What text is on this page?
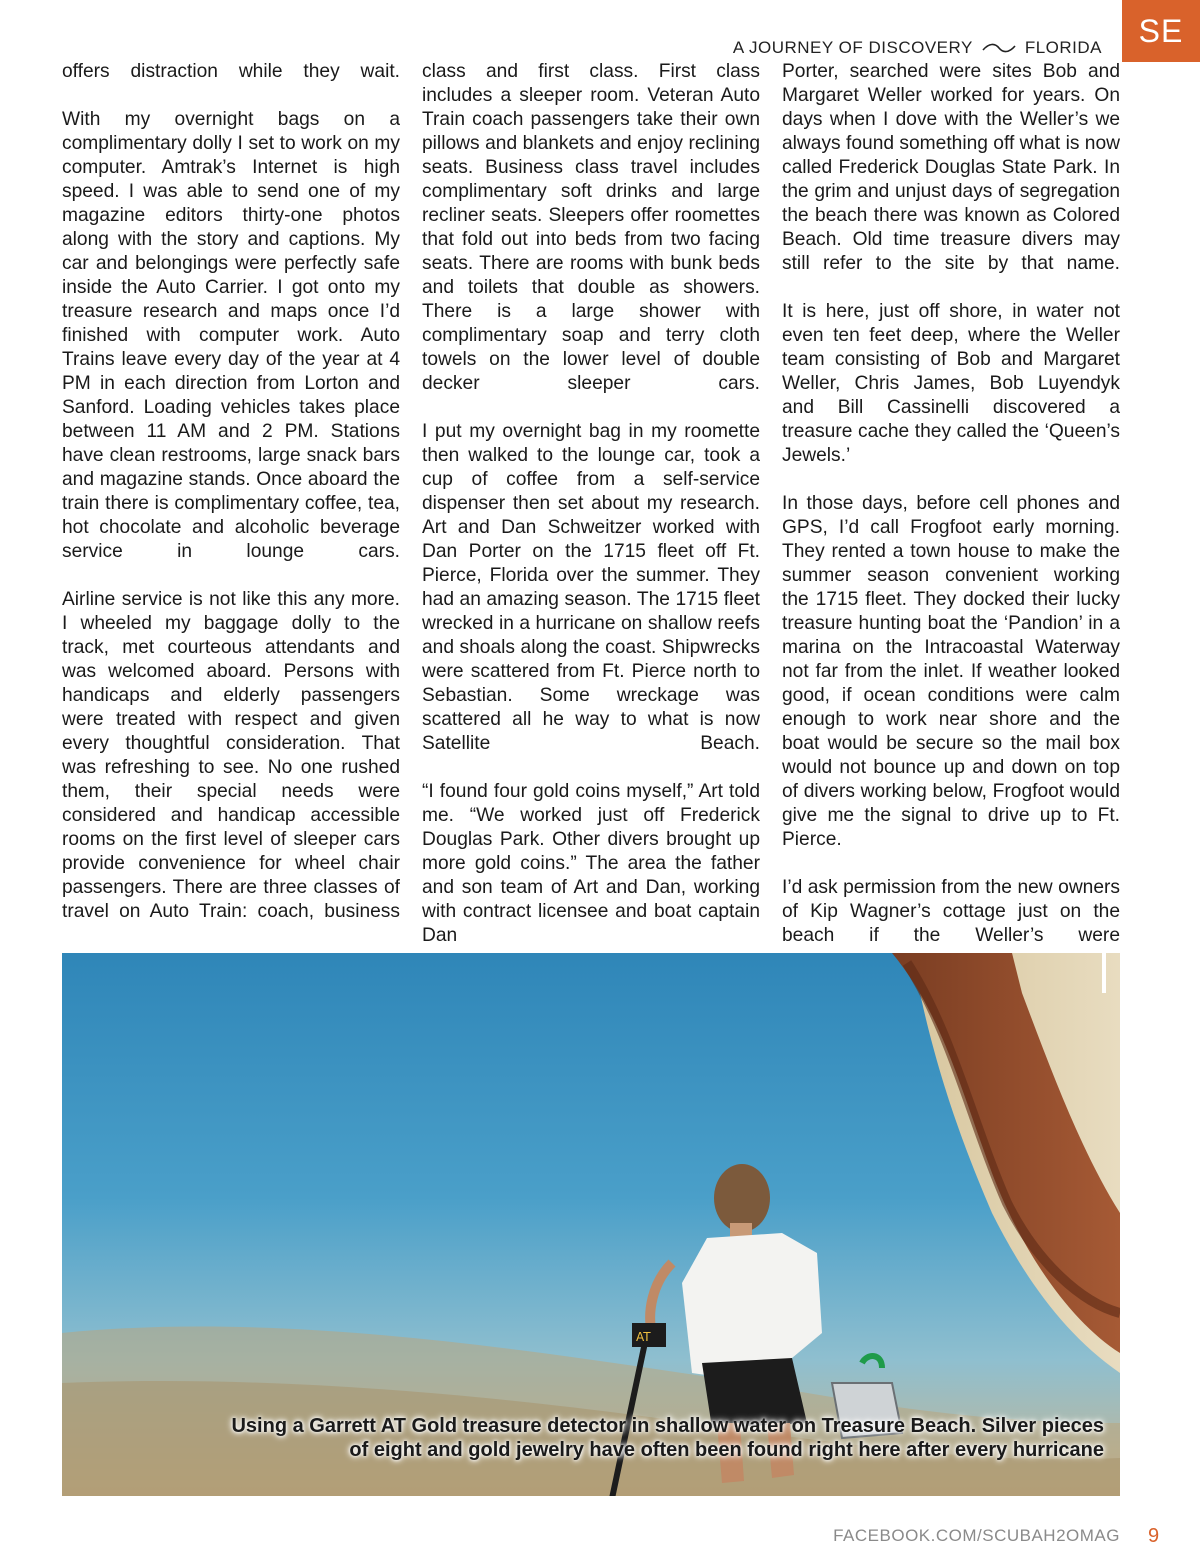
A JOURNEY OF DISCOVERY	FLORIDA	SE

offers distraction while they wait.

With my overnight bags on a complimentary dolly I set to work on my computer. Amtrak’s Internet is high speed. I was able to send one of my magazine editors thirty-one photos along with the story and captions. My car and belongings were perfectly safe inside the Auto Carrier. I got onto my treasure research and maps once I’d finished with computer work. Auto Trains leave every day of the year at 4 PM in each direction from Lorton and Sanford. Loading vehicles takes place between 11 AM and 2 PM. Stations have clean restrooms, large snack bars and magazine stands. Once aboard the train there is complimentary coffee, tea, hot chocolate and alcoholic beverage service in lounge cars.

Airline service is not like this any more. I wheeled my baggage dolly to the track, met courteous attendants and was welcomed aboard. Persons with handicaps and elderly passengers were treated with respect and given every thoughtful consideration. That was refreshing to see. No one rushed them, their special needs were considered and handicap accessible rooms on the first level of sleeper cars provide convenience for wheel chair passengers. There are three classes of travel on Auto Train: coach, business

class and first class. First class includes a sleeper room. Veteran Auto Train coach passengers take their own pillows and blankets and enjoy reclining seats. Business class travel includes complimentary soft drinks and large recliner seats. Sleepers offer roomettes that fold out into beds from two facing seats. There are rooms with bunk beds and toilets that double as showers. There is a large shower with complimentary soap and terry cloth towels on the lower level of double decker sleeper cars.

I put my overnight bag in my roomette then walked to the lounge car, took a cup of coffee from a self-service dispenser then set about my research. Art and Dan Schweitzer worked with Dan Porter on the 1715 fleet off Ft. Pierce, Florida over the summer. They had an amazing season. The 1715 fleet wrecked in a hurricane on shallow reefs and shoals along the coast. Shipwrecks were scattered from Ft. Pierce north to Sebastian. Some wreckage was scattered all he way to what is now Satellite Beach.

“I found four gold coins myself,” Art told me. “We worked just off Frederick Douglas Park. Other divers brought up more gold coins.” The area the father and son team of Art and Dan, working with contract licensee and boat captain Dan

Porter, searched were sites Bob and Margaret Weller worked for years. On days when I dove with the Weller’s we always found something off what is now called Frederick Douglas State Park. In the grim and unjust days of segregation the beach there was known as Colored Beach. Old time treasure divers may still refer to the site by that name.

It is here, just off shore, in water not even ten feet deep, where the Weller team consisting of Bob and Margaret Weller, Chris James, Bob Luyendyk and Bill Cassinelli discovered a treasure cache they called the ‘Queen’s Jewels.’

In those days, before cell phones and GPS, I’d call Frogfoot early morning. They rented a town house to make the summer season convenient working the 1715 fleet. They docked their lucky treasure hunting boat the ‘Pandion’ in a marina on the Intracoastal Waterway not far from the inlet. If weather looked good, if ocean conditions were calm enough to work near shore and the boat would be secure so the mail box would not bounce up and down on top of divers working below, Frogfoot would give me the signal to drive up to Ft. Pierce.

I’d ask permission from the new owners of Kip Wagner’s cottage just on the beach if the Weller’s were

AT
Using a Garrett AT Gold treasure detector in shallow water on Treasure Beach. Silver pieces
of eight and gold jewelry have often been found right here after every hurricane
FACEBOOK.COM/SCUBAH2OMAG 9
